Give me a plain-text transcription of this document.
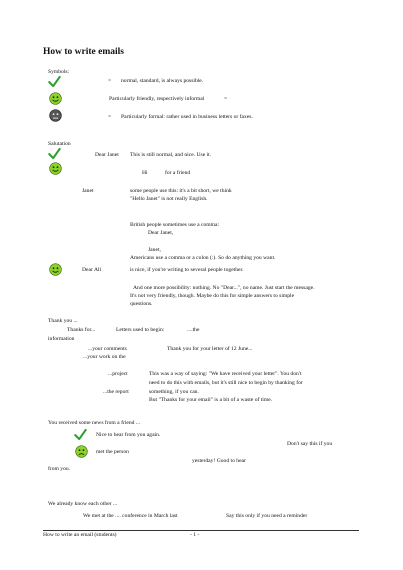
How to write emails
Symbols:
= normal, standard, is always possible.
Particularly friendly, respectively informal	=
= Particularly formal: rather used in business letters or faxes.
Salutation
Dear Janet This is still normal, and nice. Use it.
Hi	for a friend
Janet	some people use this: it's a bit short, we think
"Hello Janet" is not really English.
British people sometimes use a comma:
Dear Janet,
Janet,
Americans use a comma or a colon (:). So do anything you want.
Dear All	is nice, if you're writing to several people together.
And one more possibility: nothing. No "Dear...", no name. Just start the message.
It's not very friendly, though. Maybe do this for simple answers to simple
questions.
Thank you ...
Thanks for...	Letters used to begin:	....the
information
...your comments	Thank you for your letter of 12 June...
...your work on the
...project	This was a way of saying: "We have received your letter". You don't
need to do this with emails, but it's still nice to begin by thanking for
...the report	something, if you can.
But "Thanks for your email" is a bit of a waste of time.
You received some news from a friend ...
Nice to hear from you again.
Don't say this if you
met the person
yesterday! Good to hear
from you.
We already know each other ...
We met at the .... conference in March last	Say this only if you need a reminder
How to write an email (students)	- 1 -
